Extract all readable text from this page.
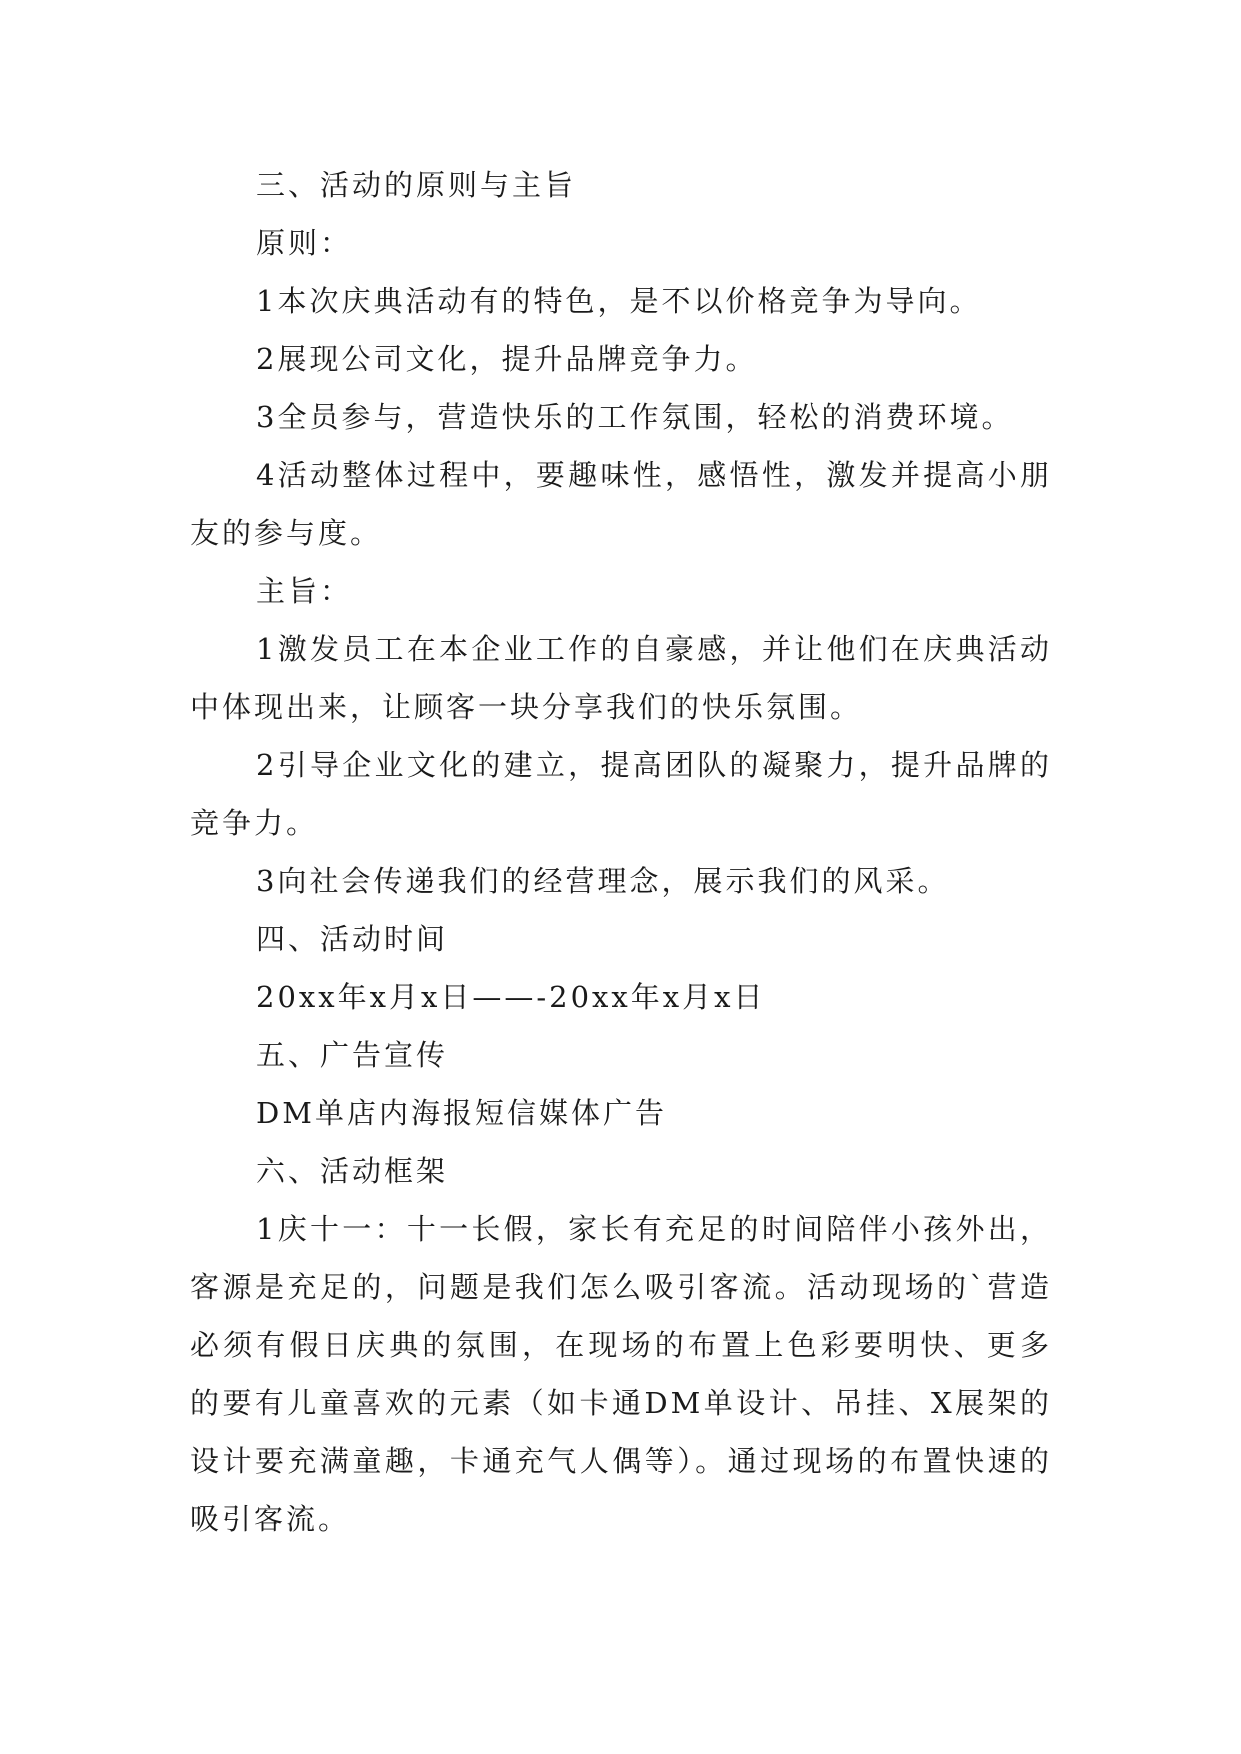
三、活动的原则与主旨

原则：

1本次庆典活动有的特色，是不以价格竞争为导向。

2展现公司文化，提升品牌竞争力。

3全员参与，营造快乐的工作氛围，轻松的消费环境。

4活动整体过程中，要趣味性，感悟性，激发并提高小朋友的参与度。

主旨：

1激发员工在本企业工作的自豪感，并让他们在庆典活动中体现出来，让顾客一块分享我们的快乐氛围。

2引导企业文化的建立，提高团队的凝聚力，提升品牌的竞争力。

3向社会传递我们的经营理念，展示我们的风采。

四、活动时间

20xx年x月x日——-20xx年x月x日

五、广告宣传

DM单店内海报短信媒体广告

六、活动框架

1庆十一：十一长假，家长有充足的时间陪伴小孩外出，客源是充足的，问题是我们怎么吸引客流。活动现场的`营造必须有假日庆典的氛围，在现场的布置上色彩要明快、更多的要有儿童喜欢的元素（如卡通DM单设计、吊挂、X展架的设计要充满童趣，卡通充气人偶等）。通过现场的布置快速的吸引客流。
